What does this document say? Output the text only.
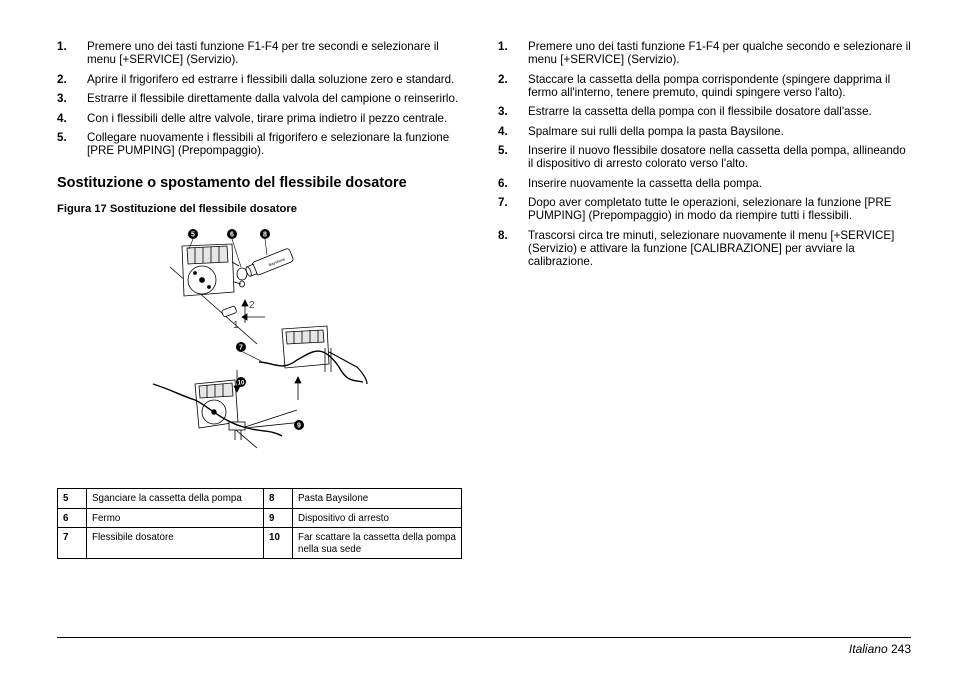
1. Premere uno dei tasti funzione F1-F4 per tre secondi e selezionare il menu [+SERVICE] (Servizio).
2. Aprire il frigorifero ed estrarre i flessibili dalla soluzione zero e standard.
3. Estrarre il flessibile direttamente dalla valvola del campione o reinserirlo.
4. Con i flessibili delle altre valvole, tirare prima indietro il pezzo centrale.
5. Collegare nuovamente i flessibili al frigorifero e selezionare la funzione [PRE PUMPING] (Prepompaggio).
Sostituzione o spostamento del flessibile dosatore
Figura 17 Sostituzione del flessibile dosatore
Baysilone
5	6	8
7
10
9
1
2
5	Sganciare la cassetta della pompa	8	Pasta Baysilone
6	Fermo	9	Dispositivo di arresto
7	Flessibile dosatore	10	Far scattare la cassetta della pompa nella sua sede
1. Premere uno dei tasti funzione F1-F4 per qualche secondo e selezionare il menu [+SERVICE] (Servizio).
2. Staccare la cassetta della pompa corrispondente (spingere dapprima il fermo all'interno, tenere premuto, quindi spingere verso l'alto).
3. Estrarre la cassetta della pompa con il flessibile dosatore dall'asse.
4. Spalmare sui rulli della pompa la pasta Baysilone.
5. Inserire il nuovo flessibile dosatore nella cassetta della pompa, allineando il dispositivo di arresto colorato verso l'alto.
6. Inserire nuovamente la cassetta della pompa.
7. Dopo aver completato tutte le operazioni, selezionare la funzione [PRE PUMPING] (Prepompaggio) in modo da riempire tutti i flessibili.
8. Trascorsi circa tre minuti, selezionare nuovamente il menu [+SERVICE] (Servizio) e attivare la funzione [CALIBRAZIONE] per avviare la calibrazione.
Italiano 243
